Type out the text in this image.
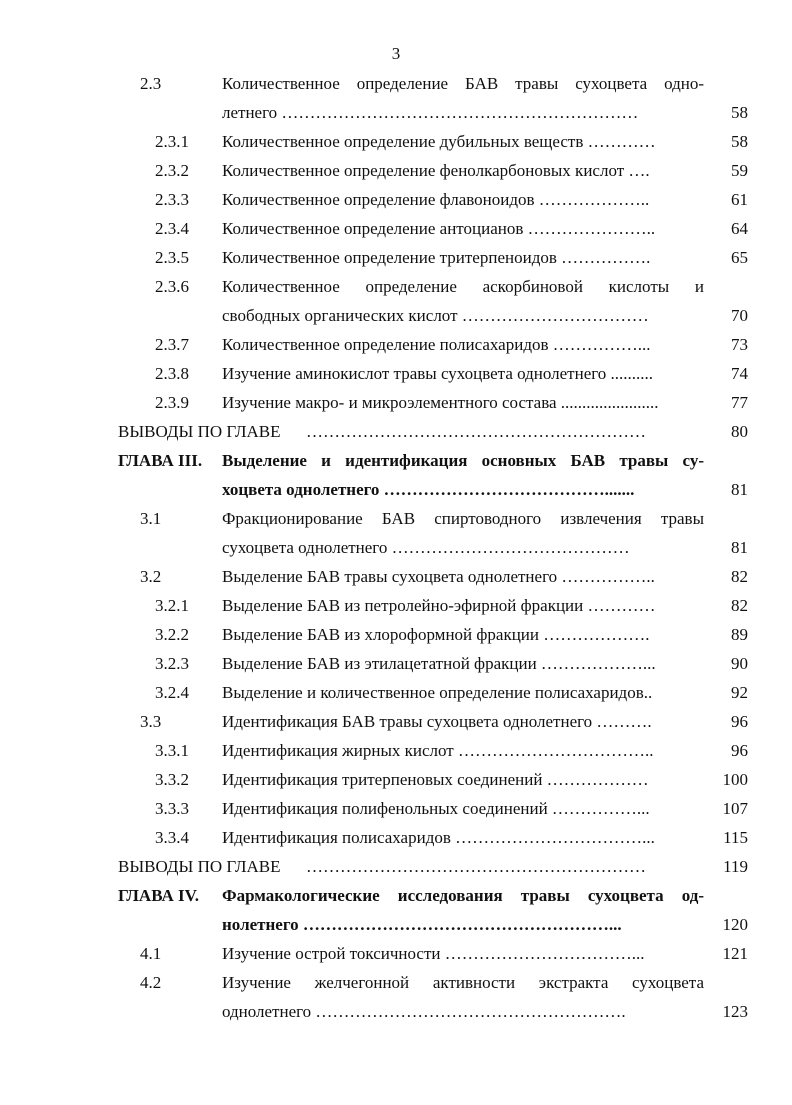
3
2.3	Количественное определение БАВ травы сухоцвета одно-
летнего ………………………………………………………	58
2.3.1 Количественное определение дубильных веществ …………	58
2.3.2 Количественное определение фенолкарбоновых кислот ….	59
2.3.3 Количественное определение флавоноидов ………………..	61
2.3.4 Количественное определение антоцианов …………………..	64
2.3.5 Количественное определение тритерпеноидов …………….	65
2.3.6 Количественное определение аскорбиновой кислоты и
свободных органических кислот ……………………………	70
2.3.7 Количественное определение полисахаридов ……………...	73
2.3.8 Изучение аминокислот травы сухоцвета однолетнего ..........	74
2.3.9 Изучение макро- и микроэлементного состава .......................	77
ВЫВОДЫ ПО ГЛАВЕ ……………………………………………………	80
ГЛАВА III. Выделение и идентификация основных БАВ травы су-
хоцвета однолетнего ………………………………….......	81
3.1	Фракционирование БАВ спиртоводного извлечения травы
сухоцвета однолетнего ……………………………………	81
3.2	Выделение БАВ травы сухоцвета однолетнего ……………..	82
3.2.1 Выделение БАВ из петролейно-эфирной фракции …………	82
3.2.2 Выделение БАВ из хлороформной фракции ……………….	89
3.2.3 Выделение БАВ из этилацетатной фракции ………………...	90
3.2.4 Выделение и количественное определение полисахаридов..	92
3.3	Идентификация БАВ травы сухоцвета однолетнего ……….	96
3.3.1 Идентификация жирных кислот ……………………………..	96
3.3.2 Идентификация тритерпеновых соединений ………………	100
3.3.3 Идентификация полифенольных соединений ……………...	107
3.3.4 Идентификация полисахаридов ……………………………...	115
ВЫВОДЫ ПО ГЛАВЕ ……………………………………………………	119
ГЛАВА IV. Фармакологические исследования травы сухоцвета од-
нолетнего ………………………………………………...	120
4.1	Изучение острой токсичности ……………………………...	121
4.2	Изучение желчегонной активности экстракта сухоцвета
однолетнего ……………………………………………….	123
